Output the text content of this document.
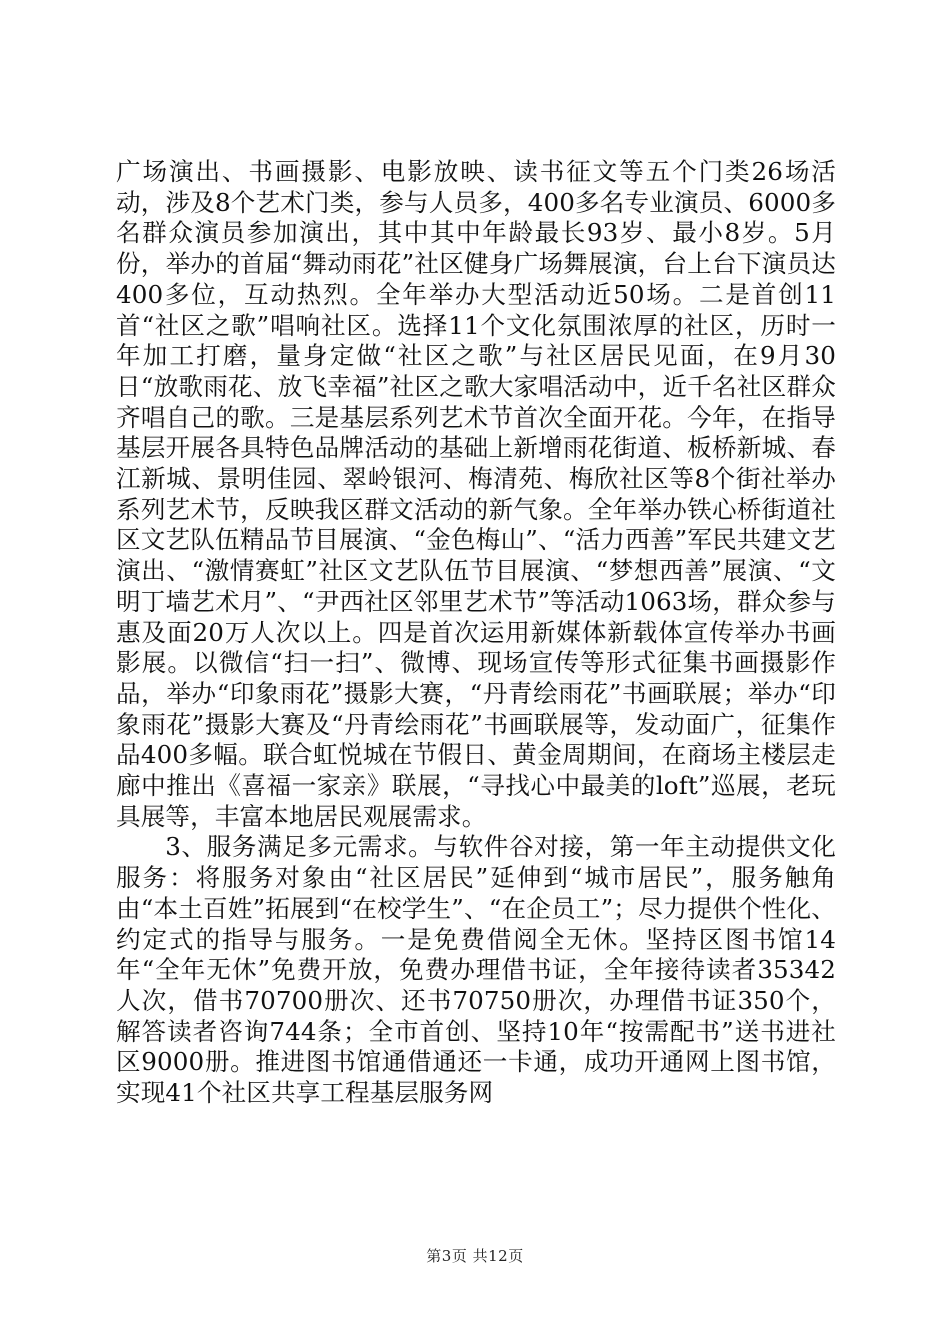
广场演出、书画摄影、电影放映、读书征文等五个门类26场活动，涉及8个艺术门类，参与人员多，400多名专业演员、6000多名群众演员参加演出，其中其中年龄最长93岁、最小8岁。5月份，举办的首届“舞动雨花”社区健身广场舞展演，台上台下演员达400多位，互动热烈。全年举办大型活动近50场。二是首创11首“社区之歌”唱响社区。选择11个文化氛围浓厚的社区，历时一年加工打磨，量身定做“社区之歌”与社区居民见面，在9月30日“放歌雨花、放飞幸福”社区之歌大家唱活动中，近千名社区群众齐唱自己的歌。三是基层系列艺术节首次全面开花。今年，在指导基层开展各具特色品牌活动的基础上新增雨花街道、板桥新城、春江新城、景明佳园、翠岭银河、梅清苑、梅欣社区等8个街社举办系列艺术节，反映我区群文活动的新气象。全年举办铁心桥街道社区文艺队伍精品节目展演、“金色梅山”、“活力西善”军民共建文艺演出、“激情赛虹”社区文艺队伍节目展演、“梦想西善”展演、“文明丁墙艺术月”、“尹西社区邻里艺术节”等活动1063场，群众参与惠及面20万人次以上。四是首次运用新媒体新载体宣传举办书画影展。以微信“扫一扫”、微博、现场宣传等形式征集书画摄影作品，举办“印象雨花”摄影大赛，“丹青绘雨花”书画联展；举办“印象雨花”摄影大赛及“丹青绘雨花”书画联展等，发动面广，征集作品400多幅。联合虹悦城在节假日、黄金周期间，在商场主楼层走廊中推出《喜福一家亲》联展，“寻找心中最美的loft”巡展，老玩具展等，丰富本地居民观展需求。

3、服务满足多元需求。与软件谷对接，第一年主动提供文化服务：将服务对象由“社区居民”延伸到“城市居民”，服务触角由“本土百姓”拓展到“在校学生”、“在企员工”；尽力提供个性化、约定式的指导与服务。一是免费借阅全无休。坚持区图书馆14年“全年无休”免费开放，免费办理借书证，全年接待读者35342人次，借书70700册次、还书70750册次，办理借书证350个，解答读者咨询744条；全市首创、坚持10年“按需配书”送书进社区9000册。推进图书馆通借通还一卡通，成功开通网上图书馆，实现41个社区共享工程基层服务网

第3页 共12页
